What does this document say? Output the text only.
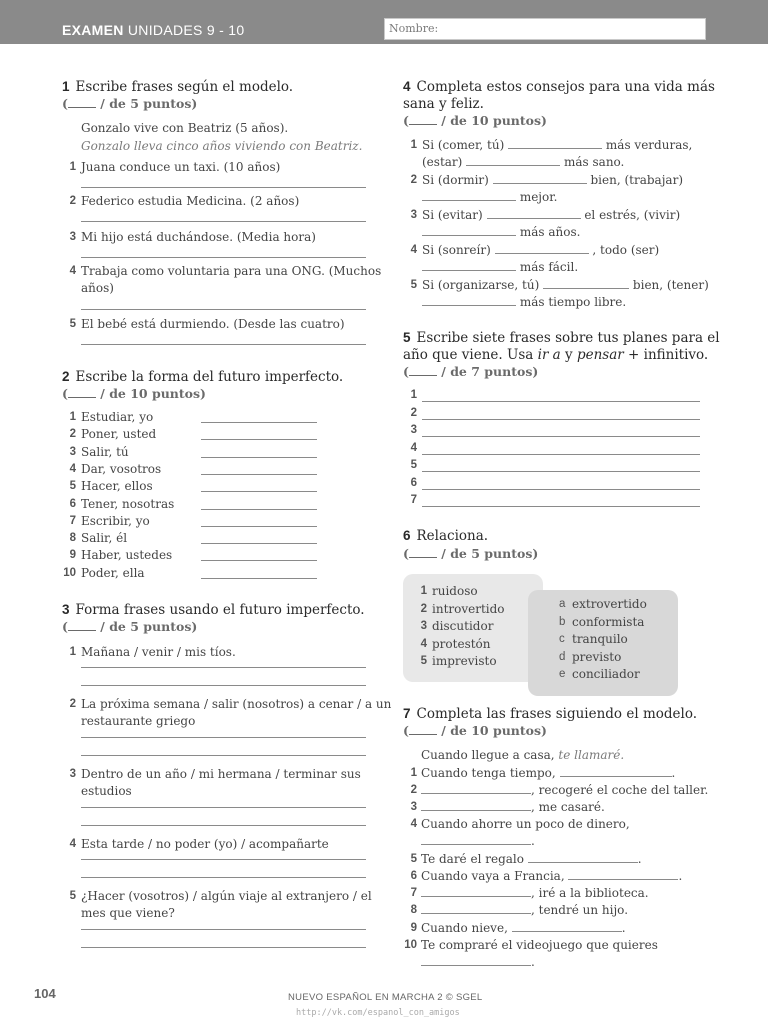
EXAMEN UNIDADES 9 - 10	Nombre:
1 Escribe frases según el modelo.
( / de 5 puntos)
Gonzalo vive con Beatriz (5 años).
Gonzalo lleva cinco años viviendo con Beatriz.
1 Juana conduce un taxi. (10 años)
2 Federico estudia Medicina. (2 años)
3 Mi hijo está duchándose. (Media hora)
4 Trabaja como voluntaria para una ONG. (Muchos
años)
5 El bebé está durmiendo. (Desde las cuatro)
2 Escribe la forma del futuro imperfecto.
( / de 10 puntos)
1 Estudiar, yo
2 Poner, usted
3 Salir, tú
4 Dar, vosotros
5 Hacer, ellos
6 Tener, nosotras
7 Escribir, yo
8 Salir, él
9 Haber, ustedes
10 Poder, ella
3 Forma frases usando el futuro imperfecto.
( / de 5 puntos)
1 Mañana / venir / mis tíos.
2 La próxima semana / salir (nosotros) a cenar / a un
restaurante griego
3 Dentro de un año / mi hermana / terminar sus
estudios
4 Esta tarde / no poder (yo) / acompañarte
5 ¿Hacer (vosotros) / algún viaje al extranjero / el
mes que viene?
4 Completa estos consejos para una vida más
sana y feliz.
( / de 10 puntos)
1 Si (comer, tú)	más verduras,
(estar)	más sano.
2 Si (dormir)	bien, (trabajar)
mejor.
3 Si (evitar)	el estrés, (vivir)
más años.
4 Si (sonreír)	, todo (ser)
más fácil.
5 Si (organizarse, tú)	bien, (tener)
más tiempo libre.
5 Escribe siete frases sobre tus planes para el
año que viene. Usa ir a y pensar + infinitivo.
( / de 7 puntos)
1
2
3
4
5
6
7
6 Relaciona.
( / de 5 puntos)
1 ruidoso
2 introvertido
3 discutidor
4 protestón
5 imprevisto
a extrovertido
b conformista
c tranquilo
d previsto
e conciliador
7 Completa las frases siguiendo el modelo.
( / de 10 puntos)
Cuando llegue a casa, te llamaré.
1 Cuando tenga tiempo,	.
2	, recogeré el coche del taller.
3	, me casaré.
4 Cuando ahorre un poco de dinero,
.
5 Te daré el regalo	.
6 Cuando vaya a Francia,	.
7	, iré a la biblioteca.
8	, tendré un hijo.
9 Cuando nieve,	.
10 Te compraré el videojuego que quieres
.
104	NUEVO ESPAÑOL EN MARCHA 2 © SGEL
http://vk.com/espanol_con_amigos
